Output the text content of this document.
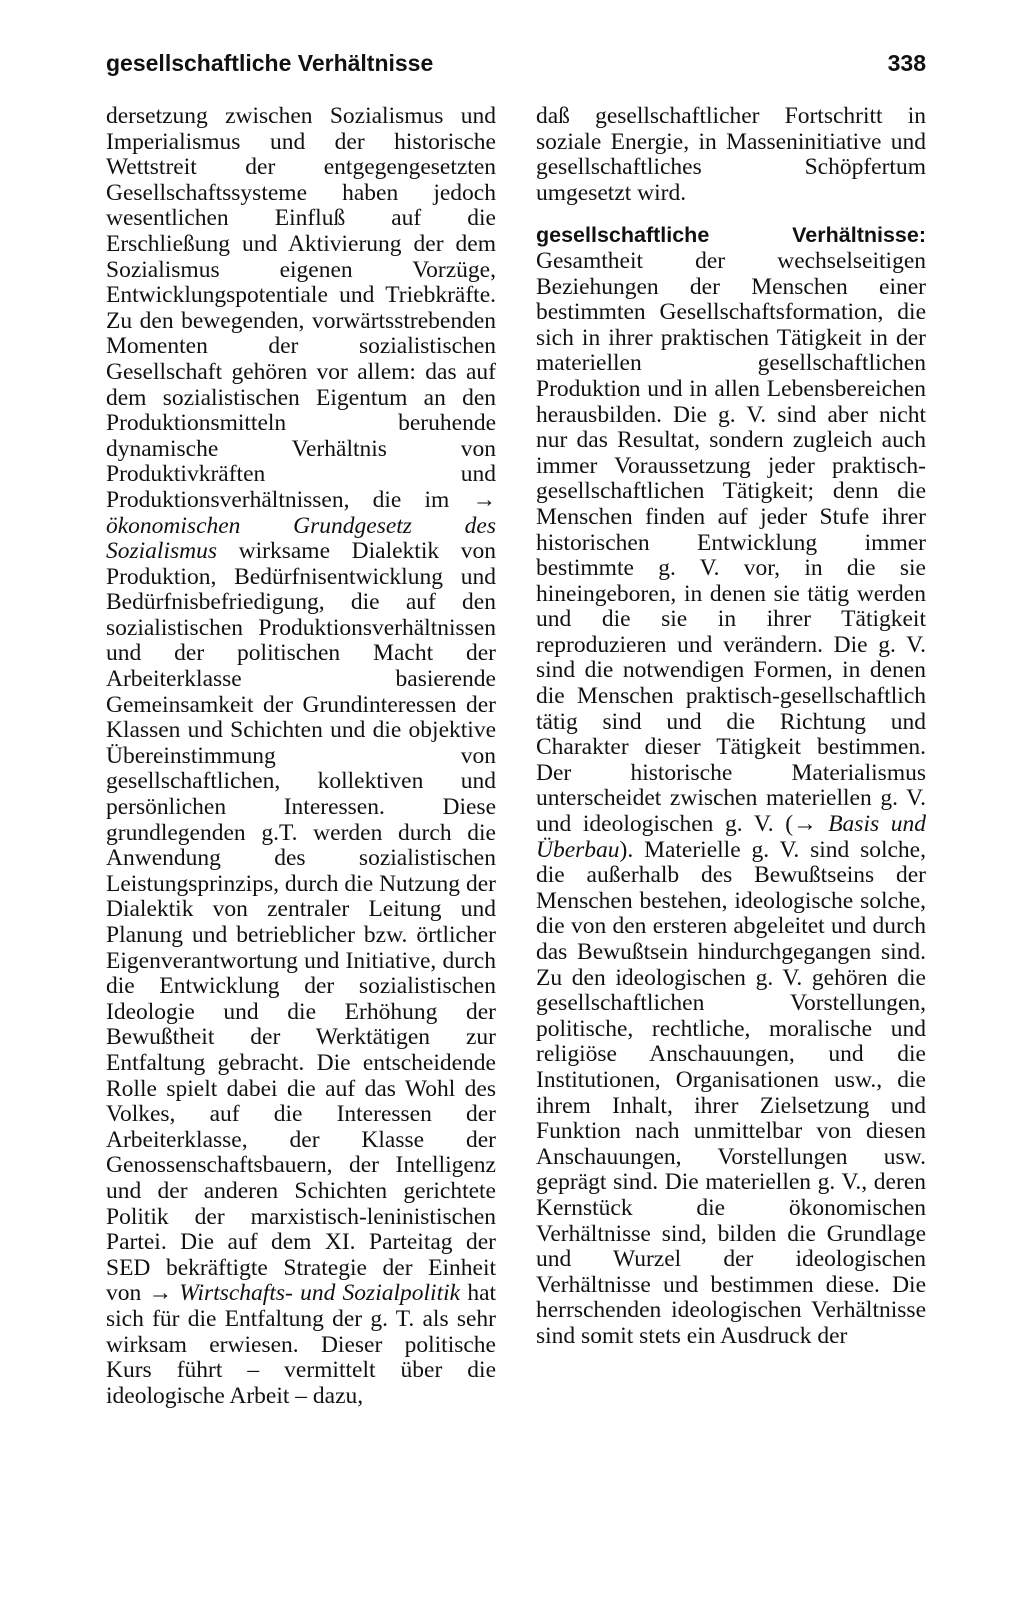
gesellschaftliche Verhältnisse	338

dersetzung zwischen Sozialismus und Imperialismus und der historische Wettstreit der entgegengesetzten Gesellschaftssysteme haben jedoch wesentlichen Einfluß auf die Erschließung und Aktivierung der dem Sozialismus eigenen Vorzüge, Entwicklungspotentiale und Triebkräfte. Zu den bewegenden, vorwärtsstrebenden Momenten der sozialistischen Gesellschaft gehören vor allem: das auf dem sozialistischen Eigentum an den Produktionsmitteln beruhende dynamische Verhältnis von Produktivkräften und Produktionsverhältnissen, die im → ökonomischen Grundgesetz des Sozialismus wirksame Dialektik von Produktion, Bedürfnisentwicklung und Bedürfnisbefriedigung, die auf den sozialistischen Produktionsverhältnissen und der politischen Macht der Arbeiterklasse basierende Gemeinsamkeit der Grundinteressen der Klassen und Schichten und die objektive Übereinstimmung von gesellschaftlichen, kollektiven und persönlichen Interessen. Diese grundlegenden g.T. werden durch die Anwendung des sozialistischen Leistungsprinzips, durch die Nutzung der Dialektik von zentraler Leitung und Planung und betrieblicher bzw. örtlicher Eigenverantwortung und Initiative, durch die Entwicklung der sozialistischen Ideologie und die Erhöhung der Bewußtheit der Werktätigen zur Entfaltung gebracht. Die entscheidende Rolle spielt dabei die auf das Wohl des Volkes, auf die Interessen der Arbeiterklasse, der Klasse der Genossenschaftsbauern, der Intelligenz und der anderen Schichten gerichtete Politik der marxistisch-leninistischen Partei. Die auf dem XI. Parteitag der SED bekräftigte Strategie der Einheit von → Wirtschafts- und Sozialpolitik hat sich für die Entfaltung der g. T. als sehr wirksam erwiesen. Dieser politische Kurs führt – vermittelt über die ideologische Arbeit – dazu,

daß gesellschaftlicher Fortschritt in soziale Energie, in Masseninitiative und gesellschaftliches Schöpfertum umgesetzt wird.

gesellschaftliche Verhältnisse: Gesamtheit der wechselseitigen Beziehungen der Menschen einer bestimmten Gesellschaftsformation, die sich in ihrer praktischen Tätigkeit in der materiellen gesellschaftlichen Produktion und in allen Lebensbereichen herausbilden. Die g. V. sind aber nicht nur das Resultat, sondern zugleich auch immer Voraussetzung jeder praktisch-gesellschaftlichen Tätigkeit; denn die Menschen finden auf jeder Stufe ihrer historischen Entwicklung immer bestimmte g. V. vor, in die sie hineingeboren, in denen sie tätig werden und die sie in ihrer Tätigkeit reproduzieren und verändern. Die g. V. sind die notwendigen Formen, in denen die Menschen praktisch-gesellschaftlich tätig sind und die Richtung und Charakter dieser Tätigkeit bestimmen. Der historische Materialismus unterscheidet zwischen materiellen g. V. und ideologischen g. V. (→ Basis und Überbau). Materielle g. V. sind solche, die außerhalb des Bewußtseins der Menschen bestehen, ideologische solche, die von den ersteren abgeleitet und durch das Bewußtsein hindurchgegangen sind. Zu den ideologischen g. V. gehören die gesellschaftlichen Vorstellungen, politische, rechtliche, moralische und religiöse Anschauungen, und die Institutionen, Organisationen usw., die ihrem Inhalt, ihrer Zielsetzung und Funktion nach unmittelbar von diesen Anschauungen, Vorstellungen usw. geprägt sind. Die materiellen g. V., deren Kernstück die ökonomischen Verhältnisse sind, bilden die Grundlage und Wurzel der ideologischen Verhältnisse und bestimmen diese. Die herrschenden ideologischen Verhältnisse sind somit stets ein Ausdruck der
